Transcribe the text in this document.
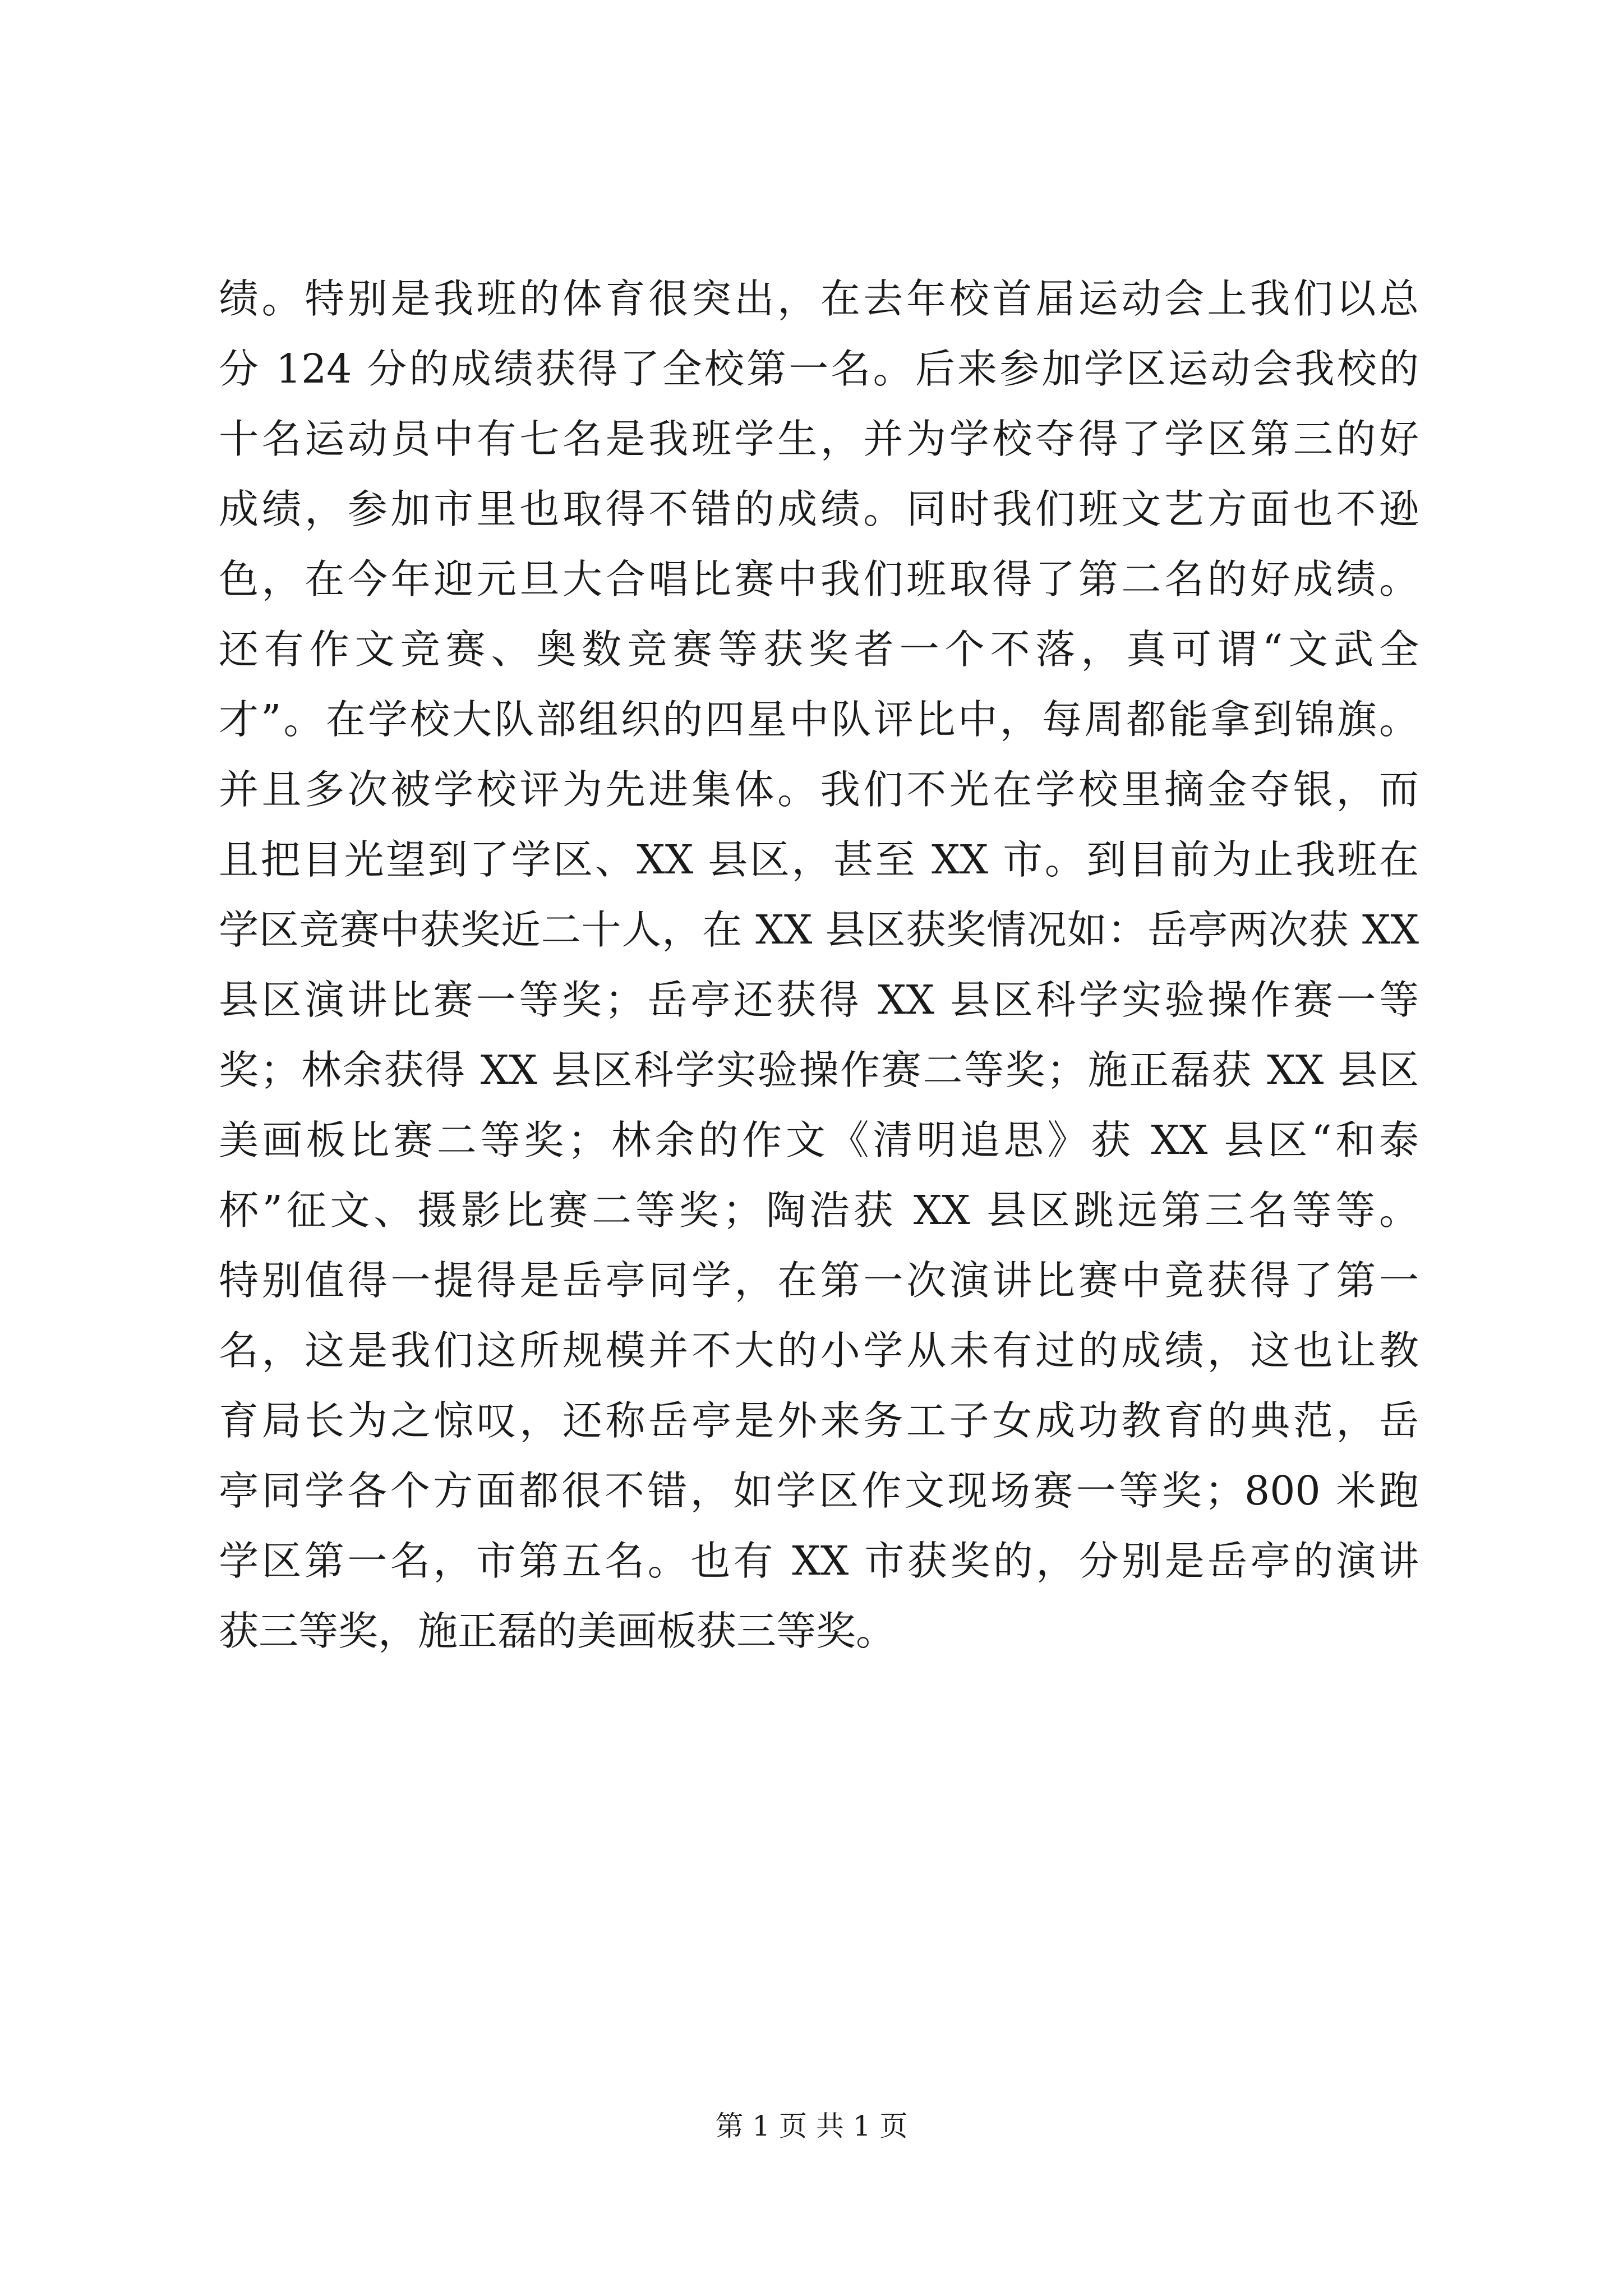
绩。特别是我班的体育很突出，在去年校首届运动会上我们以总
分 124 分的成绩获得了全校第一名。后来参加学区运动会我校的
十名运动员中有七名是我班学生，并为学校夺得了学区第三的好
成绩，参加市里也取得不错的成绩。同时我们班文艺方面也不逊
色，在今年迎元旦大合唱比赛中我们班取得了第二名的好成绩。
还有作文竞赛、奥数竞赛等获奖者一个不落，真可谓“文武全
才”。在学校大队部组织的四星中队评比中，每周都能拿到锦旗。
并且多次被学校评为先进集体。我们不光在学校里摘金夺银，而
且把目光望到了学区、XX 县区，甚至 XX 市。到目前为止我班在
学区竞赛中获奖近二十人，在 XX 县区获奖情况如：岳亭两次获 XX
县区演讲比赛一等奖；岳亭还获得 XX 县区科学实验操作赛一等
奖；林余获得 XX 县区科学实验操作赛二等奖；施正磊获 XX 县区
美画板比赛二等奖；林余的作文《清明追思》获 XX 县区“和泰
杯”征文、摄影比赛二等奖；陶浩获 XX 县区跳远第三名等等。
特别值得一提得是岳亭同学，在第一次演讲比赛中竟获得了第一
名，这是我们这所规模并不大的小学从未有过的成绩，这也让教
育局长为之惊叹，还称岳亭是外来务工子女成功教育的典范，岳
亭同学各个方面都很不错，如学区作文现场赛一等奖；800 米跑
学区第一名，市第五名。也有 XX 市获奖的，分别是岳亭的演讲
获三等奖，施正磊的美画板获三等奖。
第 1 页 共 1 页
